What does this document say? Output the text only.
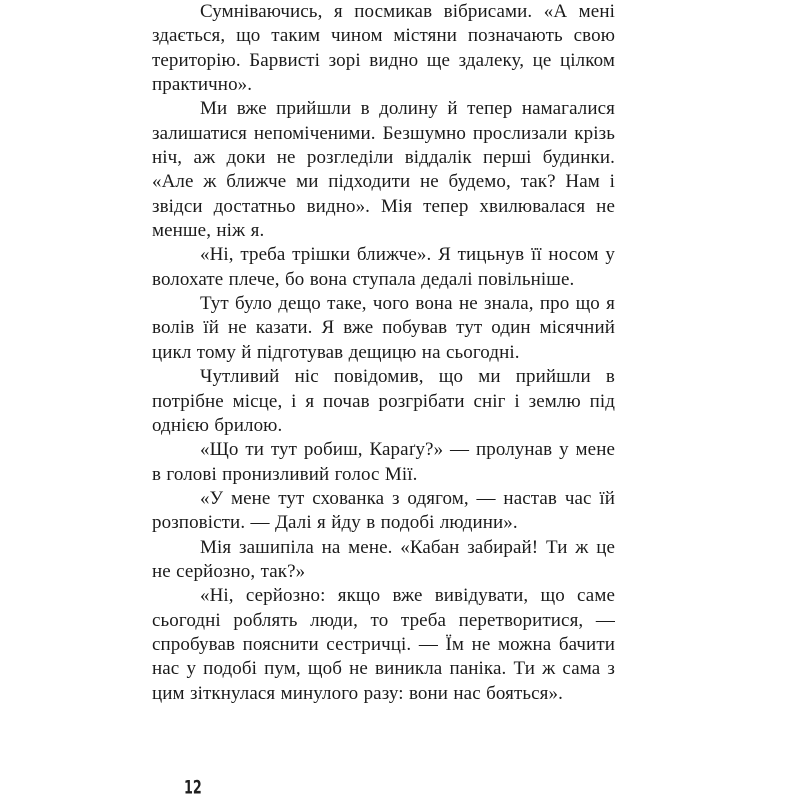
Сумніваючись, я посмикав вібрисами. «А мені здається, що таким чином містяни позначають свою територію. Барвисті зорі видно ще здалеку, це цілком практично».

Ми вже прийшли в долину й тепер намагалися залишатися непоміченими. Безшумно прослизали крізь ніч, аж доки не розгледіли віддалік перші будинки. «Але ж ближче ми підходити не будемо, так? Нам і звідси достатньо видно». Мія тепер хвилювалася не менше, ніж я.

«Ні, треба трішки ближче». Я тицьнув її носом у волохате плече, бо вона ступала дедалі повільніше.

Тут було дещо таке, чого вона не знала, про що я волів їй не казати. Я вже побував тут один місячний цикл тому й підготував дещицю на сьогодні.

Чутливий ніс повідомив, що ми прийшли в потрібне місце, і я почав розгрібати сніг і землю під однією брилою.

«Що ти тут робиш, Караґу?» — пролунав у мене в голові пронизливий голос Мії.

«У мене тут схованка з одягом, — настав час їй розповісти. — Далі я йду в подобі людини».

Мія зашипіла на мене. «Кабан забирай! Ти ж це не серйозно, так?»

«Ні, серйозно: якщо вже вивідувати, що саме сьогодні роблять люди, то треба перетворитися, — спробував пояснити сестричці. — Їм не можна бачити нас у подобі пум, щоб не виникла паніка. Ти ж сама з цим зіткнулася минулого разу: вони нас бояться».

12
